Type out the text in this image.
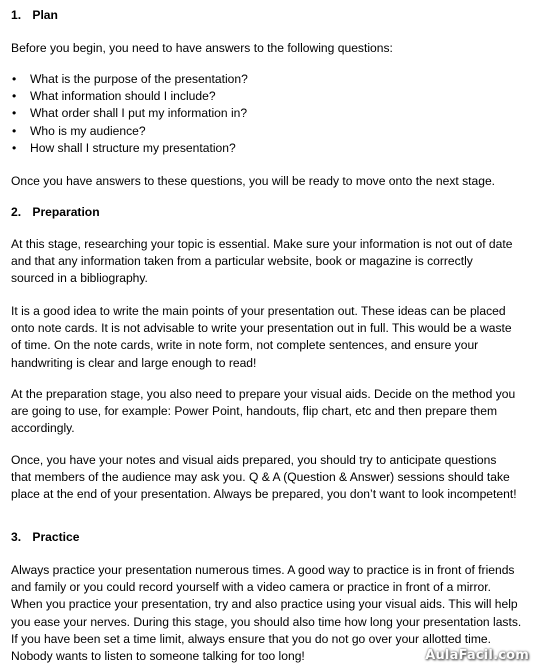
1. Plan

Before you begin, you need to have answers to the following questions:

• What is the purpose of the presentation?
• What information should I include?
• What order shall I put my information in?
• Who is my audience?
• How shall I structure my presentation?

Once you have answers to these questions, you will be ready to move onto the next stage.

2. Preparation

At this stage, researching your topic is essential. Make sure your information is not out of date and that any information taken from a particular website, book or magazine is correctly sourced in a bibliography.

It is a good idea to write the main points of your presentation out. These ideas can be placed onto note cards. It is not advisable to write your presentation out in full. This would be a waste of time. On the note cards, write in note form, not complete sentences, and ensure your handwriting is clear and large enough to read!

At the preparation stage, you also need to prepare your visual aids. Decide on the method you are going to use, for example: Power Point, handouts, flip chart, etc and then prepare them accordingly.

Once, you have your notes and visual aids prepared, you should try to anticipate questions that members of the audience may ask you. Q & A (Question & Answer) sessions should take place at the end of your presentation. Always be prepared, you don’t want to look incompetent!

3. Practice

Always practice your presentation numerous times. A good way to practice is in front of friends and family or you could record yourself with a video camera or practice in front of a mirror. When you practice your presentation, try and also practice using your visual aids. This will help you ease your nerves. During this stage, you should also time how long your presentation lasts. If you have been set a time limit, always ensure that you do not go over your allotted time. Nobody wants to listen to someone talking for too long!	AulaFacil.com
